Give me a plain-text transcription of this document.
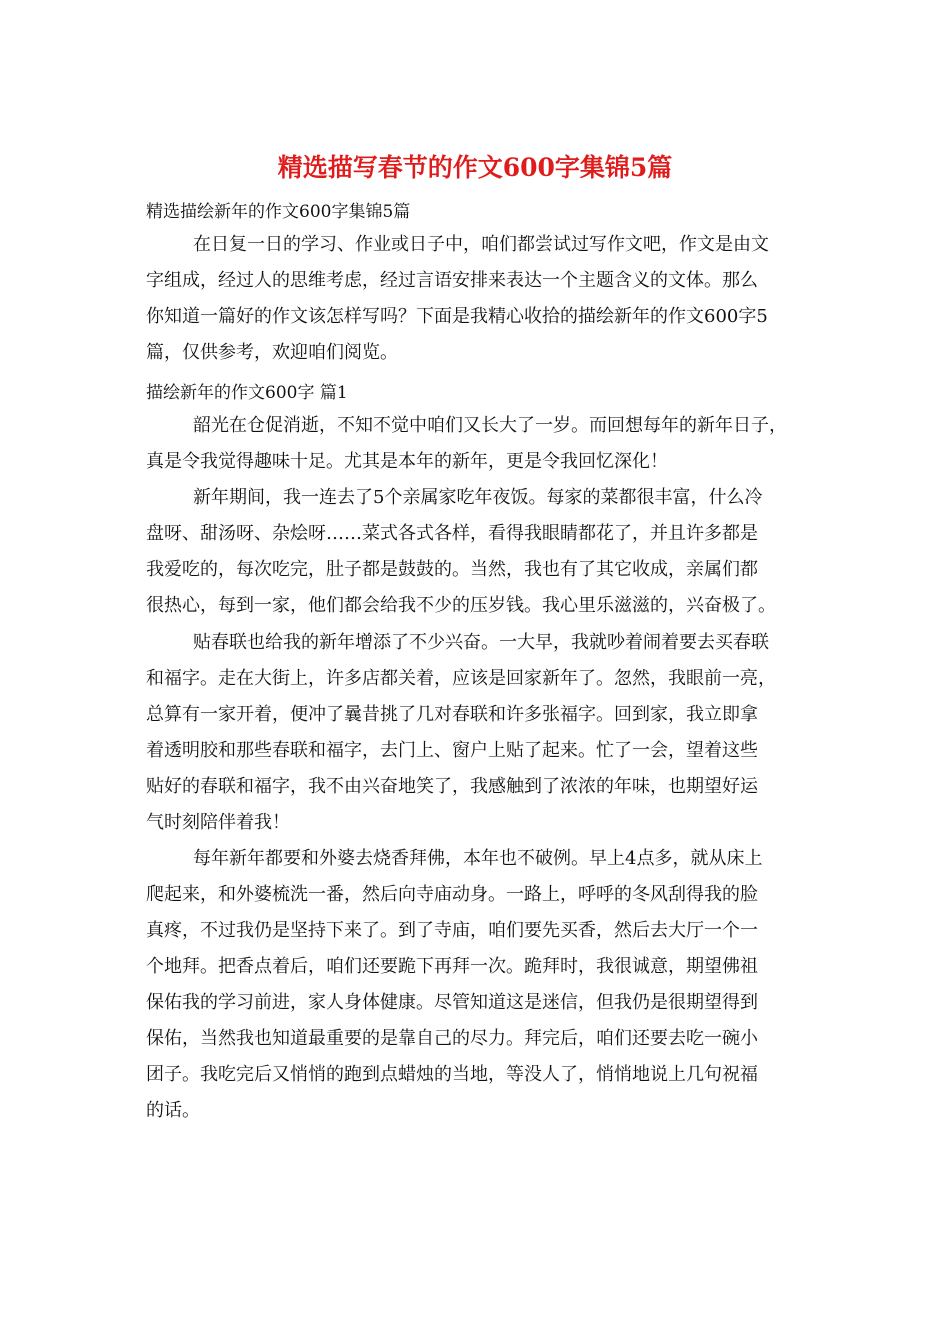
精选描写春节的作文600字集锦5篇
精选描绘新年的作文600字集锦5篇
在日复一日的学习、作业或日子中，咱们都尝试过写作文吧，作文是由文
字组成，经过人的思维考虑，经过言语安排来表达一个主题含义的文体。那么
你知道一篇好的作文该怎样写吗？下面是我精心收拾的描绘新年的作文600字5
篇，仅供参考，欢迎咱们阅览。
描绘新年的作文600字 篇1
韶光在仓促消逝，不知不觉中咱们又长大了一岁。而回想每年的新年日子，
真是令我觉得趣味十足。尤其是本年的新年，更是令我回忆深化！
新年期间，我一连去了5个亲属家吃年夜饭。每家的菜都很丰富，什么冷
盘呀、甜汤呀、杂烩呀……菜式各式各样，看得我眼睛都花了，并且许多都是
我爱吃的，每次吃完，肚子都是鼓鼓的。当然，我也有了其它收成，亲属们都
很热心，每到一家，他们都会给我不少的压岁钱。我心里乐滋滋的，兴奋极了。
贴春联也给我的新年增添了不少兴奋。一大早，我就吵着闹着要去买春联
和福字。走在大街上，许多店都关着，应该是回家新年了。忽然，我眼前一亮，
总算有一家开着，便冲了曩昔挑了几对春联和许多张福字。回到家，我立即拿
着透明胶和那些春联和福字，去门上、窗户上贴了起来。忙了一会，望着这些
贴好的春联和福字，我不由兴奋地笑了，我感触到了浓浓的年味，也期望好运
气时刻陪伴着我！
每年新年都要和外婆去烧香拜佛，本年也不破例。早上4点多，就从床上
爬起来，和外婆梳洗一番，然后向寺庙动身。一路上，呼呼的冬风刮得我的脸
真疼，不过我仍是坚持下来了。到了寺庙，咱们要先买香，然后去大厅一个一
个地拜。把香点着后，咱们还要跪下再拜一次。跪拜时，我很诚意，期望佛祖
保佑我的学习前进，家人身体健康。尽管知道这是迷信，但我仍是很期望得到
保佑，当然我也知道最重要的是靠自己的尽力。拜完后，咱们还要去吃一碗小
团子。我吃完后又悄悄的跑到点蜡烛的当地，等没人了，悄悄地说上几句祝福
的话。
